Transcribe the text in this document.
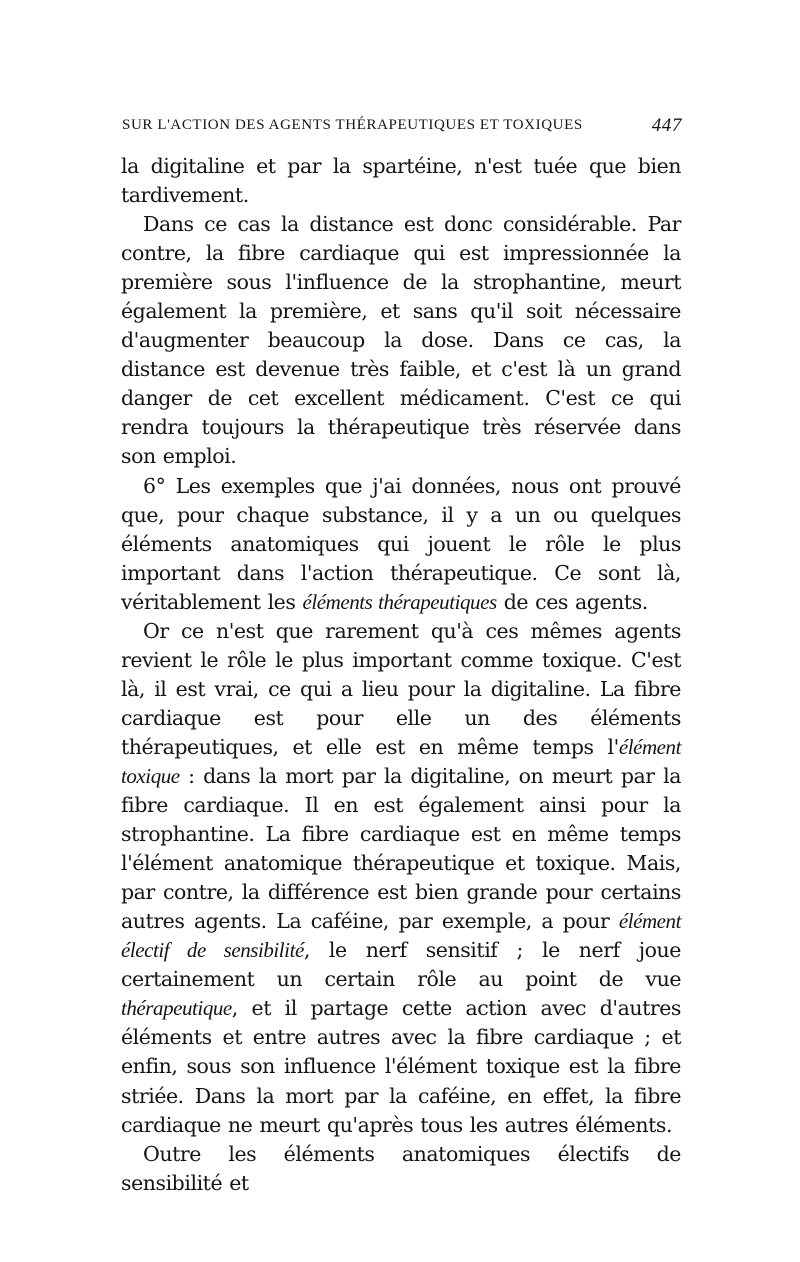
SUR L'ACTION DES AGENTS THÉRAPEUTIQUES ET TOXIQUES	447

la digitaline et par la spartéine, n'est tuée que bien tardivement.

Dans ce cas la distance est donc considérable. Par contre, la fibre cardiaque qui est impressionnée la première sous l'influence de la strophantine, meurt également la première, et sans qu'il soit nécessaire d'augmenter beaucoup la dose. Dans ce cas, la distance est devenue très faible, et c'est là un grand danger de cet excellent médicament. C'est ce qui rendra toujours la thérapeutique très réservée dans son emploi.

6° Les exemples que j'ai données, nous ont prouvé que, pour chaque substance, il y a un ou quelques éléments anatomiques qui jouent le rôle le plus important dans l'action thérapeutique. Ce sont là, véritablement les éléments thérapeutiques de ces agents.

Or ce n'est que rarement qu'à ces mêmes agents revient le rôle le plus important comme toxique. C'est là, il est vrai, ce qui a lieu pour la digitaline. La fibre cardiaque est pour elle un des éléments thérapeutiques, et elle est en même temps l'élément toxique : dans la mort par la digitaline, on meurt par la fibre cardiaque. Il en est également ainsi pour la strophantine. La fibre cardiaque est en même temps l'élément anatomique thérapeutique et toxique. Mais, par contre, la différence est bien grande pour certains autres agents. La caféine, par exemple, a pour élément électif de sensibilité, le nerf sensitif ; le nerf joue certainement un certain rôle au point de vue thérapeutique, et il partage cette action avec d'autres éléments et entre autres avec la fibre cardiaque ; et enfin, sous son influence l'élément toxique est la fibre striée. Dans la mort par la caféine, en effet, la fibre cardiaque ne meurt qu'après tous les autres éléments.

Outre les éléments anatomiques électifs de sensibilité et
